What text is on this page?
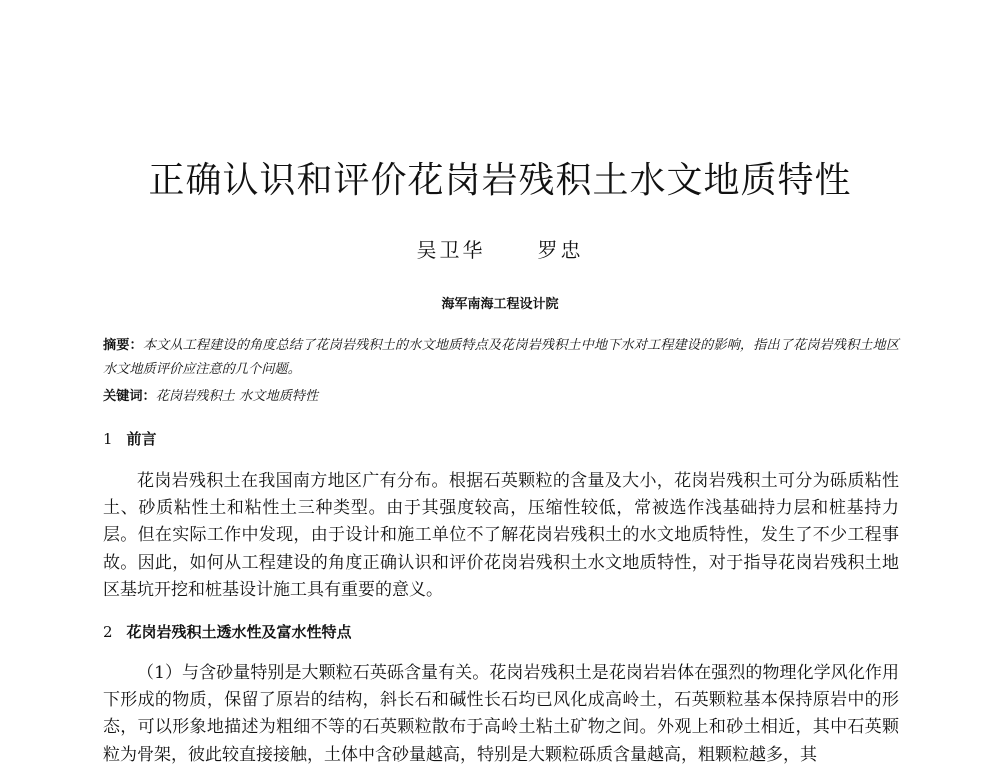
正确认识和评价花岗岩残积土水文地质特性
吴卫华	罗忠
海军南海工程设计院
摘要：本文从工程建设的角度总结了花岗岩残积土的水文地质特点及花岗岩残积土中地下水对工程建设的影响，指出了花岗岩残积土地区水文地质评价应注意的几个问题。
关键词：花岗岩残积土 水文地质特性
1 前言
花岗岩残积土在我国南方地区广有分布。根据石英颗粒的含量及大小，花岗岩残积土可分为砾质粘性土、砂质粘性土和粘性土三种类型。由于其强度较高，压缩性较低，常被选作浅基础持力层和桩基持力层。但在实际工作中发现，由于设计和施工单位不了解花岗岩残积土的水文地质特性，发生了不少工程事故。因此，如何从工程建设的角度正确认识和评价花岗岩残积土水文地质特性，对于指导花岗岩残积土地区基坑开挖和桩基设计施工具有重要的意义。
2 花岗岩残积土透水性及富水性特点
（1）与含砂量特别是大颗粒石英砾含量有关。花岗岩残积土是花岗岩岩体在强烈的物理化学风化作用下形成的物质，保留了原岩的结构，斜长石和碱性长石均已风化成高岭土，石英颗粒基本保持原岩中的形态，可以形象地描述为粗细不等的石英颗粒散布于高岭土粘土矿物之间。外观上和砂土相近，其中石英颗粒为骨架，彼此较直接接触，土体中含砂量越高，特别是大颗粒砾质含量越高，粗颗粒越多，其
